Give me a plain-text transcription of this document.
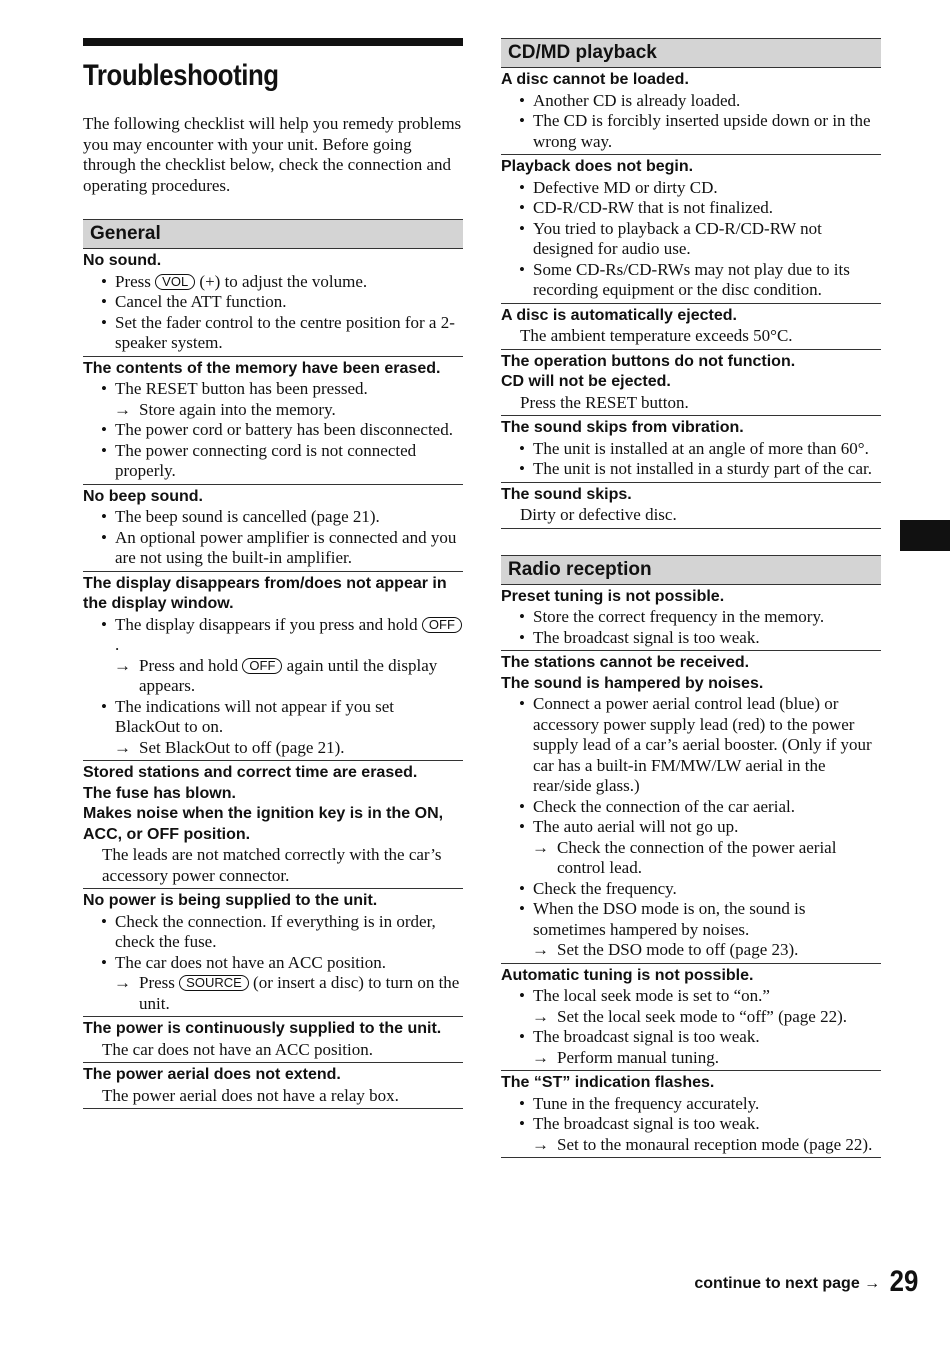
Troubleshooting

The following checklist will help you remedy problems you may encounter with your unit. Before going through the checklist below, check the connection and operating procedures.

General
No sound.
• Press VOL (+) to adjust the volume.
• Cancel the ATT function.
• Set the fader control to the centre position for a 2-speaker system.
The contents of the memory have been erased.
• The RESET button has been pressed.
→ Store again into the memory.
• The power cord or battery has been disconnected.
• The power connecting cord is not connected properly.
No beep sound.
• The beep sound is cancelled (page 21).
• An optional power amplifier is connected and you are not using the built-in amplifier.
The display disappears from/does not appear in the display window.
• The display disappears if you press and hold OFF.
→ Press and hold OFF again until the display appears.
• The indications will not appear if you set BlackOut to on.
→ Set BlackOut to off (page 21).
Stored stations and correct time are erased.
The fuse has blown.
Makes noise when the ignition key is in the ON, ACC, or OFF position.
The leads are not matched correctly with the car’s accessory power connector.
No power is being supplied to the unit.
• Check the connection. If everything is in order, check the fuse.
• The car does not have an ACC position.
→ Press SOURCE (or insert a disc) to turn on the unit.
The power is continuously supplied to the unit.
The car does not have an ACC position.
The power aerial does not extend.
The power aerial does not have a relay box.
CD/MD playback
A disc cannot be loaded.
• Another CD is already loaded.
• The CD is forcibly inserted upside down or in the wrong way.
Playback does not begin.
• Defective MD or dirty CD.
• CD-R/CD-RW that is not finalized.
• You tried to playback a CD-R/CD-RW not designed for audio use.
• Some CD-Rs/CD-RWs may not play due to its recording equipment or the disc condition.
A disc is automatically ejected.
The ambient temperature exceeds 50°C.
The operation buttons do not function.
CD will not be ejected.
Press the RESET button.
The sound skips from vibration.
• The unit is installed at an angle of more than 60°.
• The unit is not installed in a sturdy part of the car.
The sound skips.
Dirty or defective disc.
Radio reception
Preset tuning is not possible.
• Store the correct frequency in the memory.
• The broadcast signal is too weak.
The stations cannot be received.
The sound is hampered by noises.
• Connect a power aerial control lead (blue) or accessory power supply lead (red) to the power supply lead of a car’s aerial booster. (Only if your car has a built-in FM/MW/LW aerial in the rear/side glass.)
• Check the connection of the car aerial.
• The auto aerial will not go up.
→ Check the connection of the power aerial control lead.
• Check the frequency.
• When the DSO mode is on, the sound is sometimes hampered by noises.
→ Set the DSO mode to off (page 23).
Automatic tuning is not possible.
• The local seek mode is set to “on.”
→ Set the local seek mode to “off” (page 22).
• The broadcast signal is too weak.
→ Perform manual tuning.
The “ST” indication flashes.
• Tune in the frequency accurately.
• The broadcast signal is too weak.
→ Set to the monaural reception mode (page 22).
continue to next page → 29
